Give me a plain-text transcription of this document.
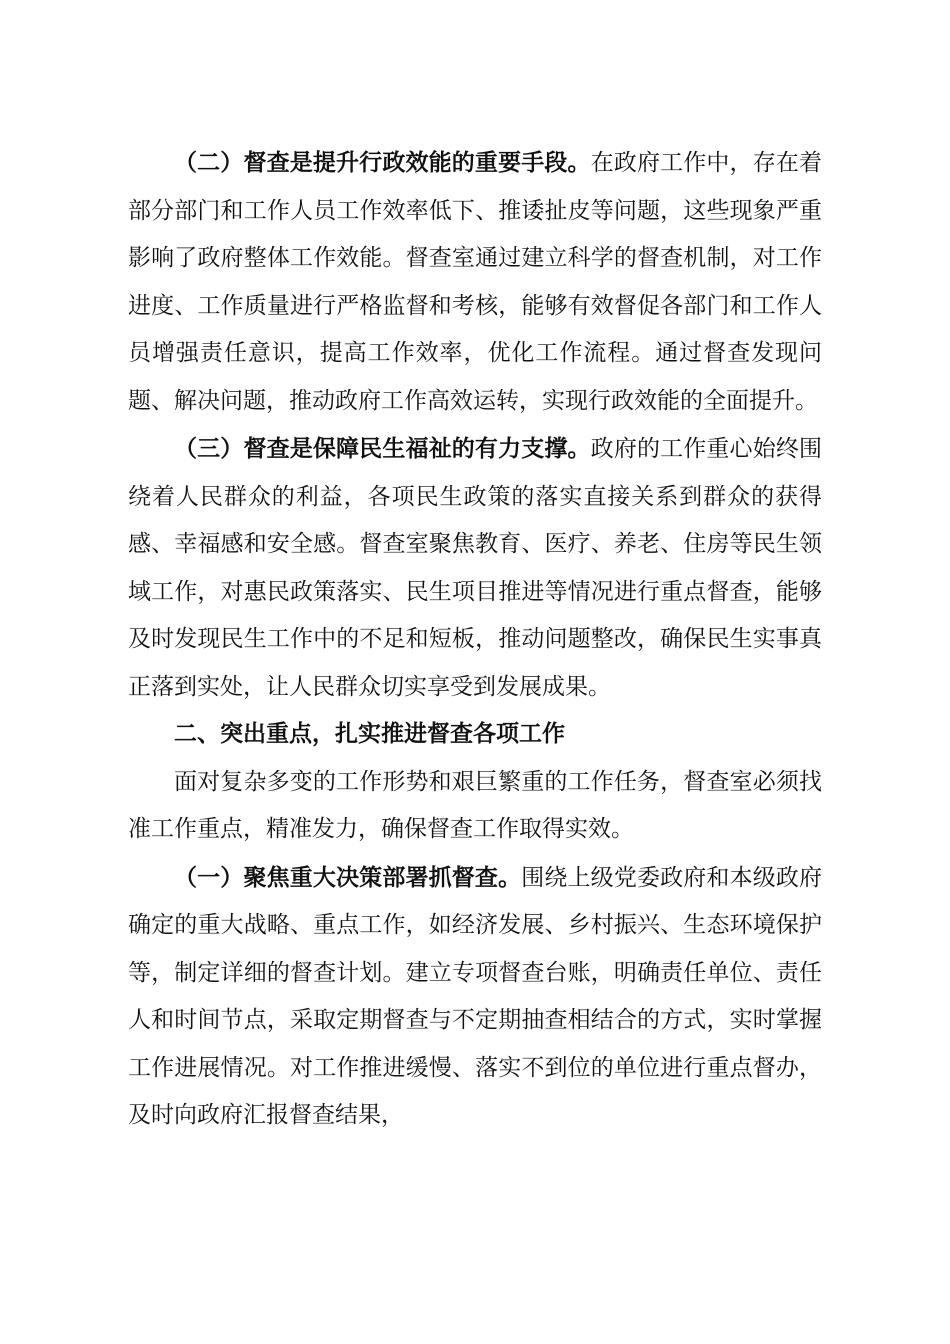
（二）督查是提升行政效能的重要手段。在政府工作中，存在着部分部门和工作人员工作效率低下、推诿扯皮等问题，这些现象严重影响了政府整体工作效能。督查室通过建立科学的督查机制，对工作进度、工作质量进行严格监督和考核，能够有效督促各部门和工作人员增强责任意识，提高工作效率，优化工作流程。通过督查发现问题、解决问题，推动政府工作高效运转，实现行政效能的全面提升。

（三）督查是保障民生福祉的有力支撑。政府的工作重心始终围绕着人民群众的利益，各项民生政策的落实直接关系到群众的获得感、幸福感和安全感。督查室聚焦教育、医疗、养老、住房等民生领域工作，对惠民政策落实、民生项目推进等情况进行重点督查，能够及时发现民生工作中的不足和短板，推动问题整改，确保民生实事真正落到实处，让人民群众切实享受到发展成果。

二、突出重点，扎实推进督查各项工作

面对复杂多变的工作形势和艰巨繁重的工作任务，督查室必须找准工作重点，精准发力，确保督查工作取得实效。

（一）聚焦重大决策部署抓督查。围绕上级党委政府和本级政府确定的重大战略、重点工作，如经济发展、乡村振兴、生态环境保护等，制定详细的督查计划。建立专项督查台账，明确责任单位、责任人和时间节点，采取定期督查与不定期抽查相结合的方式，实时掌握工作进展情况。对工作推进缓慢、落实不到位的单位进行重点督办，及时向政府汇报督查结果，
